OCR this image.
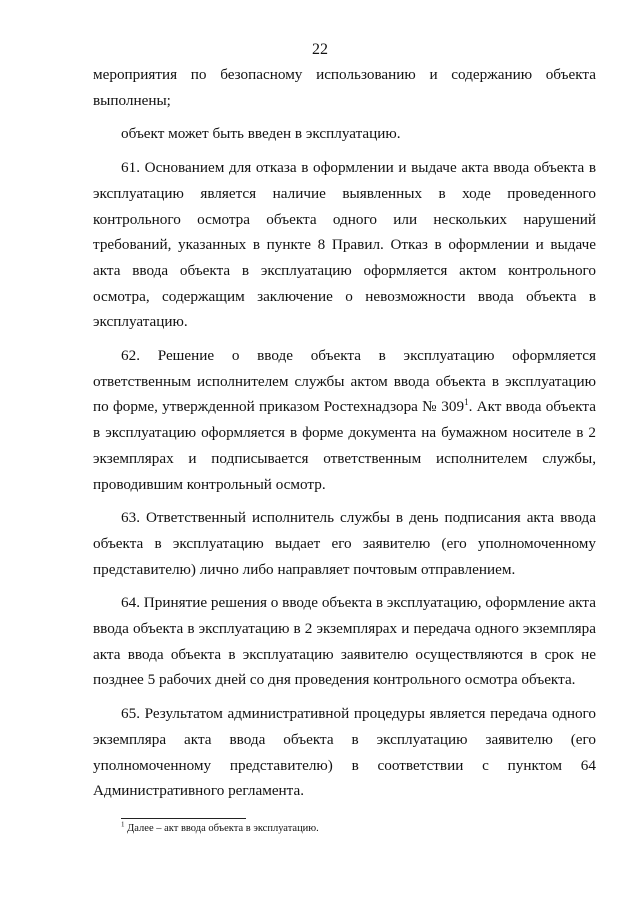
22

мероприятия по безопасному использованию и содержанию объекта выполнены;

объект может быть введен в эксплуатацию.

61. Основанием для отказа в оформлении и выдаче акта ввода объекта в эксплуатацию является наличие выявленных в ходе проведенного контрольного осмотра объекта одного или нескольких нарушений требований, указанных в пункте 8 Правил. Отказ в оформлении и выдаче акта ввода объекта в эксплуатацию оформляется актом контрольного осмотра, содержащим заключение о невозможности ввода объекта в эксплуатацию.

62. Решение о вводе объекта в эксплуатацию оформляется ответственным исполнителем службы актом ввода объекта в эксплуатацию по форме, утвержденной приказом Ростехнадзора № $309^1$. Акт ввода объекта в эксплуатацию оформляется в форме документа на бумажном носителе в 2 экземплярах и подписывается ответственным исполнителем службы, проводившим контрольный осмотр.

63. Ответственный исполнитель службы в день подписания акта ввода объекта в эксплуатацию выдает его заявителю (его уполномоченному представителю) лично либо направляет почтовым отправлением.

64. Принятие решения о вводе объекта в эксплуатацию, оформление акта ввода объекта в эксплуатацию в 2 экземплярах и передача одного экземпляра акта ввода объекта в эксплуатацию заявителю осуществляются в срок не позднее 5 рабочих дней со дня проведения контрольного осмотра объекта.

65. Результатом административной процедуры является передача одного экземпляра акта ввода объекта в эксплуатацию заявителю (его уполномоченному представителю) в соответствии с пунктом 64 Административного регламента.

$^1$ Далее – акт ввода объекта в эксплуатацию.
